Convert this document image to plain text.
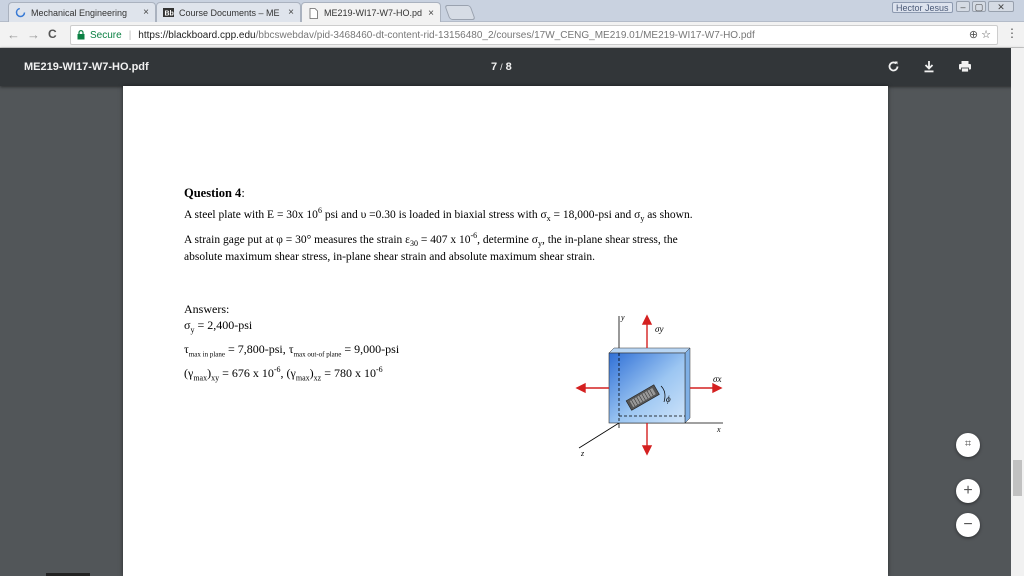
Mechanical Engineering	× Bb Course Documents – ME ×	ME219-WI17-W7-HO.pd ×	Hector Jesus	–	▢	✕
← → C	Secure | https://blackboard.cpp.edu /bbcswebdav/pid-3468460-dt-content-rid-13156480_2/courses/17W_CENG_ME219.01/ME219-WI17-W7-HO.pdf	⊕ ☆ ⋮
ME219-WI17-W7-HO.pdf	7 / 8
Question 4:
A steel plate with E = 30x $10^6$ psi and υ =0.30 is loaded in biaxial stress with $\sigma_x = 18,000-psi$ and $\sigma_y$ as shown.
A strain gage put at φ = 30° measures the strain $\varepsilon_{30} = 407$ x $10^{-6}$, determine $\sigma_y$, the in-plane shear stress, the
absolute maximum shear stress, in-plane shear strain and absolute maximum shear strain.
Answers:
$\sigma_y = 2,400-psi$
$\tau_{max in plane} = 7,800-psi$, $\tau_{max out-of plane} = 9,000-psi$
$(\gamma_{max})_{xy} = 676$ x $10^{-6}$, $(\gamma_{max})_{xz} = 780$ x $10^{-6}$
y
σy
σx
ϕ
x
z
⌗
+
−
